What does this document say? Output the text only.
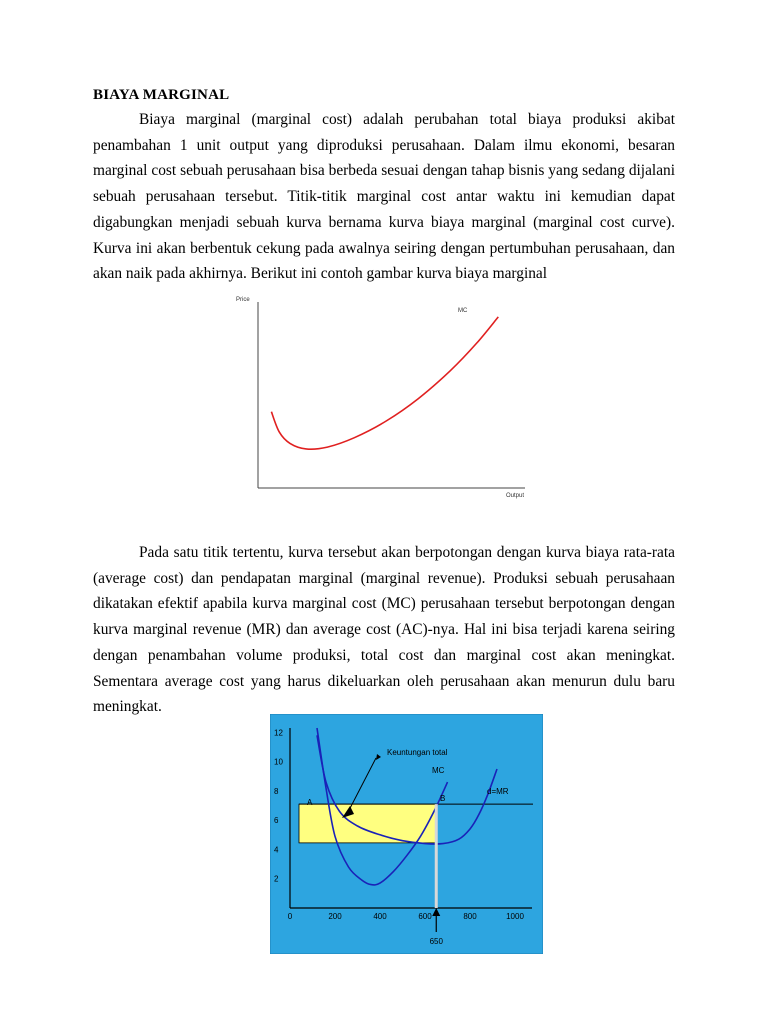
BIAYA MARGINAL

Biaya marginal (marginal cost) adalah perubahan total biaya produksi akibat penambahan 1 unit output yang diproduksi perusahaan. Dalam ilmu ekonomi, besaran marginal cost sebuah perusahaan bisa berbeda sesuai dengan tahap bisnis yang sedang dijalani sebuah perusahaan tersebut. Titik-titik marginal cost antar waktu ini kemudian dapat digabungkan menjadi sebuah kurva bernama kurva biaya marginal (marginal cost curve). Kurva ini akan berbentuk cekung pada awalnya seiring dengan pertumbuhan perusahaan, dan akan naik pada akhirnya. Berikut ini contoh gambar kurva biaya marginal

Price
Output
MC

Pada satu titik tertentu, kurva tersebut akan berpotongan dengan kurva biaya rata-rata (average cost) dan pendapatan marginal (marginal revenue). Produksi sebuah perusahaan dikatakan efektif apabila kurva marginal cost (MC) perusahaan tersebut berpotongan dengan kurva marginal revenue (MR) dan average cost (AC)-nya. Hal ini bisa terjadi karena seiring dengan penambahan volume produksi, total cost dan marginal cost akan meningkat. Sementara average cost yang harus dikeluarkan oleh perusahaan akan menurun dulu baru meningkat.

2
4
6
8
10
12
0	200	400	600	800	1000
Keuntungan total
MC
d=MR
A	B
650
